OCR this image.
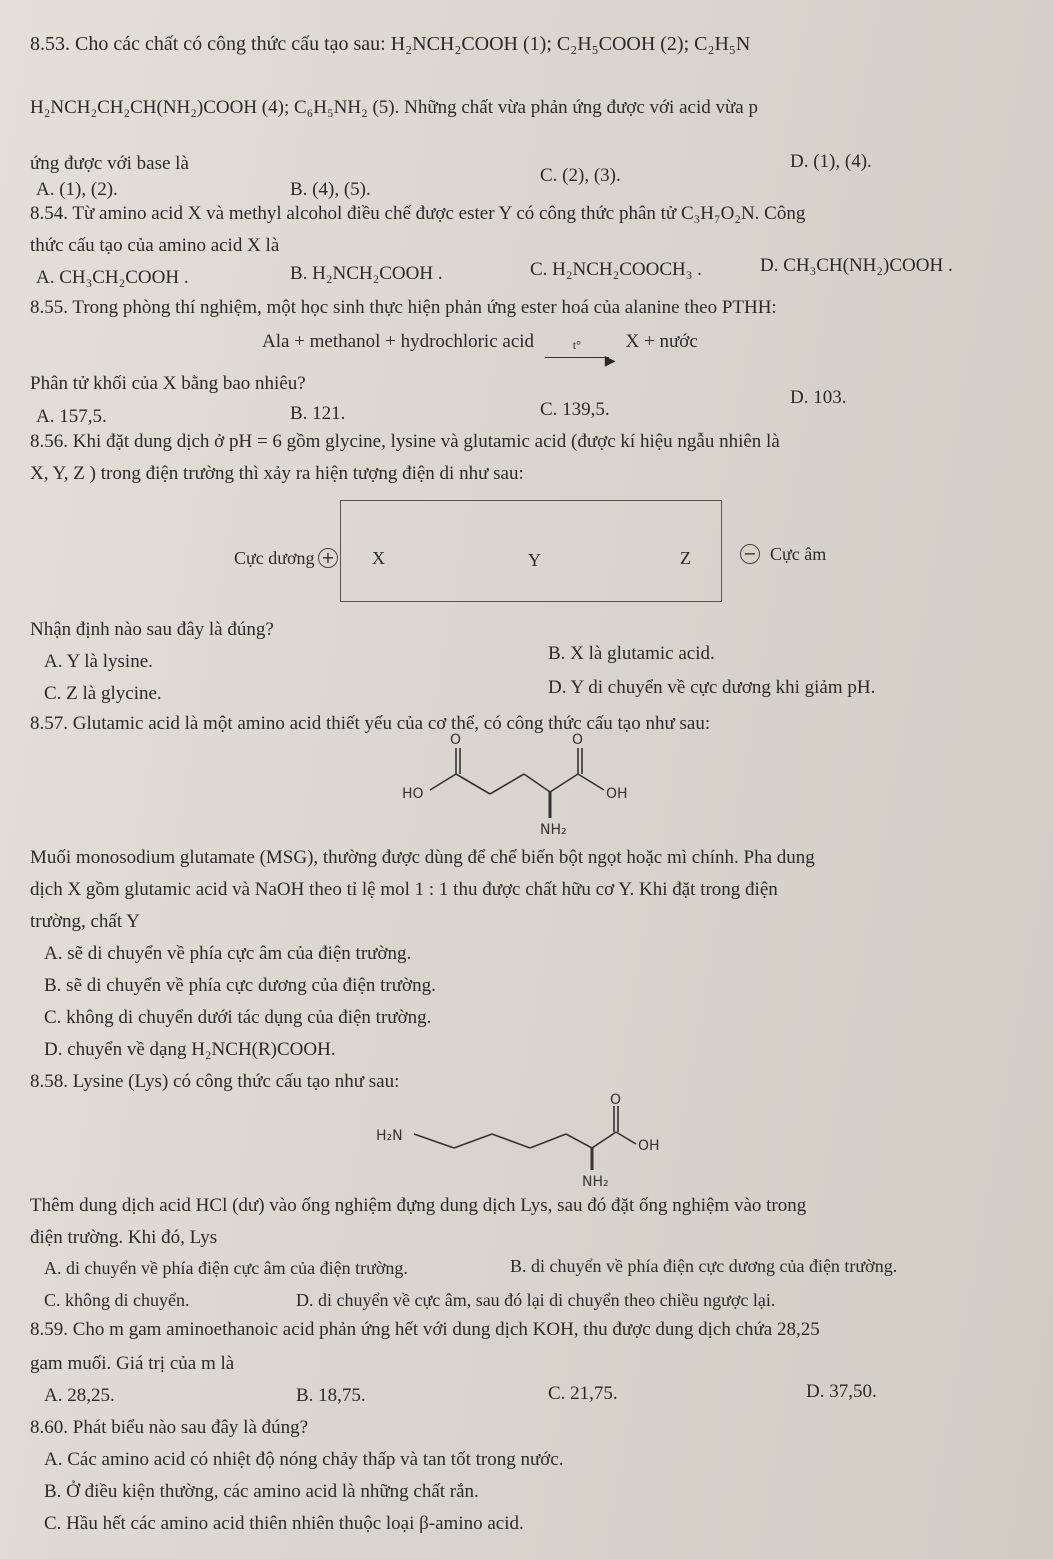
8.53. Cho các chất có công thức cấu tạo sau: H₂NCH₂COOH (1); C₂H₅COOH (2); C₂H₅N
H₂NCH₂CH₂CH(NH₂)COOH (4); C₆H₅NH₂ (5). Những chất vừa phản ứng được với acid vừa p
ứng được với base là
A. (1), (2).	B. (4), (5).
C. (2), (3).
D. (1), (4).
8.54. Từ amino acid X và methyl alcohol điều chế được ester Y có công thức phân tử C₃H₇O₂N. Công
thức cấu tạo của amino acid X là
A. CH₃CH₂COOH .	B. H₂NCH₂COOH .	C. H₂NCH₂COOCH₃ .	D. CH₃CH(NH₂)COOH .
8.55. Trong phòng thí nghiệm, một học sinh thực hiện phản ứng ester hoá của alanine theo PTHH:
Ala + methanol + hydrochloric acid	t°
▶
X + nước
Phân tử khối của X bằng bao nhiêu?
A. 157,5.	B. 121.	C. 139,5.
D. 103.
8.56. Khi đặt dung dịch ở pH = 6 gồm glycine, lysine và glutamic acid (được kí hiệu ngẫu nhiên là
X, Y, Z ) trong điện trường thì xảy ra hiện tượng điện di như sau:
Cực dương + X	Y	Z	− Cực âm
Nhận định nào sau đây là đúng?
A. Y là lysine.	B. X là glutamic acid.
C. Z là glycine.	D. Y di chuyển về cực dương khi giảm pH.
8.57. Glutamic acid là một amino acid thiết yếu của cơ thể, có công thức cấu tạo như sau:
O	O
HO	OH
NH₂
Muối monosodium glutamate (MSG), thường được dùng để chế biến bột ngọt hoặc mì chính. Pha dung
dịch X gồm glutamic acid và NaOH theo tỉ lệ mol 1 : 1 thu được chất hữu cơ Y. Khi đặt trong điện
trường, chất Y
A. sẽ di chuyển về phía cực âm của điện trường.
B. sẽ di chuyển về phía cực dương của điện trường.
C. không di chuyển dưới tác dụng của điện trường.
D. chuyển về dạng H₂NCH(R)COOH.
8.58. Lysine (Lys) có công thức cấu tạo như sau:
H₂N
O
OH
NH₂
Thêm dung dịch acid HCl (dư) vào ống nghiệm đựng dung dịch Lys, sau đó đặt ống nghiệm vào trong
điện trường. Khi đó, Lys
A. di chuyển về phía điện cực âm của điện trường.	B. di chuyển về phía điện cực dương của điện trường.
C. không di chuyển.	D. di chuyển về cực âm, sau đó lại di chuyển theo chiều ngược lại.
8.59. Cho m gam aminoethanoic acid phản ứng hết với dung dịch KOH, thu được dung dịch chứa 28,25
gam muối. Giá trị của m là
A. 28,25.	B. 18,75.	C. 21,75.	D. 37,50.
8.60. Phát biểu nào sau đây là đúng?
A. Các amino acid có nhiệt độ nóng chảy thấp và tan tốt trong nước.
B. Ở điều kiện thường, các amino acid là những chất rắn.
C. Hầu hết các amino acid thiên nhiên thuộc loại β-amino acid.
